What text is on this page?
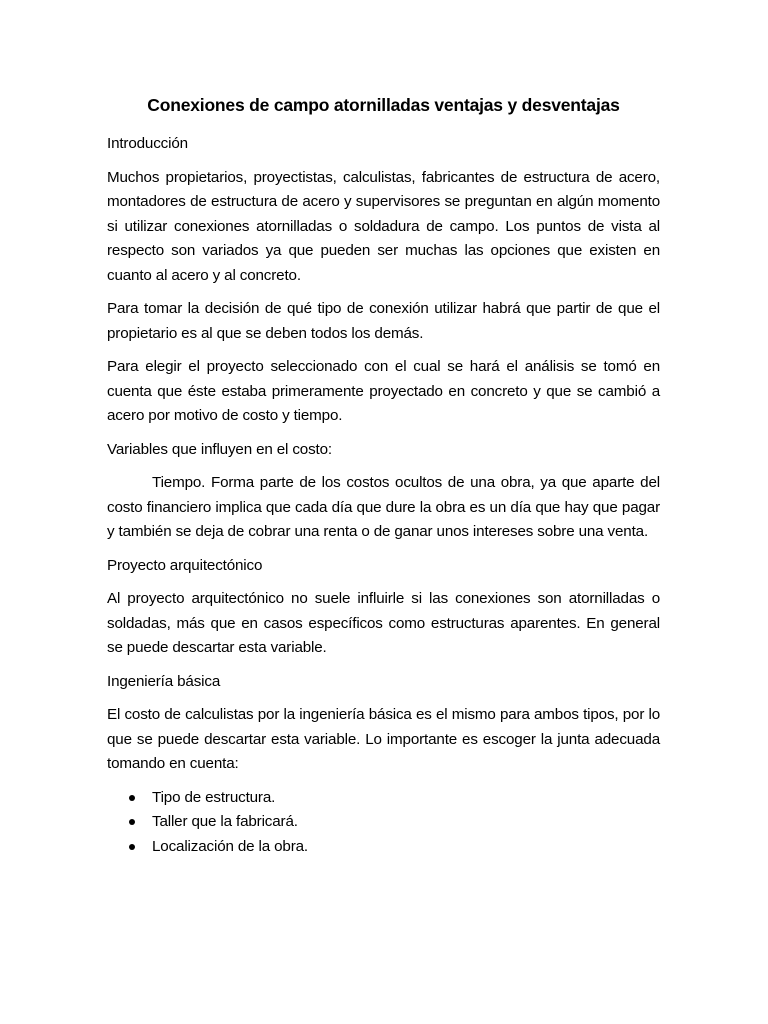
Conexiones de campo atornilladas ventajas y desventajas
Introducción
Muchos propietarios, proyectistas, calculistas, fabricantes de estructura de acero, montadores de estructura de acero y supervisores se preguntan en algún momento si utilizar conexiones atornilladas o soldadura de campo. Los puntos de vista al respecto son variados ya que pueden ser muchas las opciones que existen en cuanto al acero y al concreto.
Para tomar la decisión de qué tipo de conexión utilizar habrá que partir de que el propietario es al que se deben todos los demás.
Para elegir el proyecto seleccionado con el cual se hará el análisis se tomó en cuenta que éste estaba primeramente proyectado en concreto y que se cambió a acero por motivo de costo y tiempo.
Variables que influyen en el costo:
Tiempo. Forma parte de los costos ocultos de una obra, ya que aparte del costo financiero implica que cada día que dure la obra es un día que hay que pagar y también se deja de cobrar una renta o de ganar unos intereses sobre una venta.
Proyecto arquitectónico
Al proyecto arquitectónico no suele influirle si las conexiones son atornilladas o soldadas, más que en casos específicos como estructuras aparentes. En general se puede descartar esta variable.
Ingeniería básica
El costo de calculistas por la ingeniería básica es el mismo para ambos tipos, por lo que se puede descartar esta variable. Lo importante es escoger la junta adecuada tomando en cuenta:
Tipo de estructura.
Taller que la fabricará.
Localización de la obra.
